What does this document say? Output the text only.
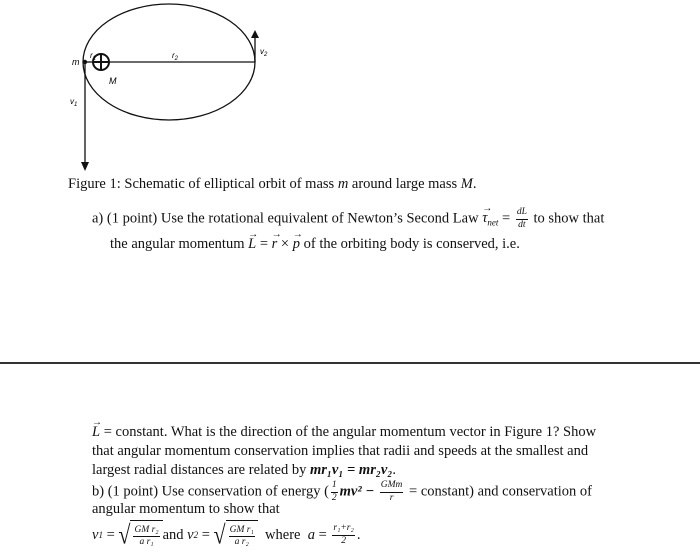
m
$r_1$	$r_2$
$v_2$
M
$v_1$
Figure 1: Schematic of elliptical orbit of mass m around large mass M.
a) (1 point) Use the rotational equivalent of Newton’s Second Law → $\tau_{net} = \frac{dL}{dt}$ to show that
the angular momentum → L = → r × → p of the orbiting body is conserved, i.e.
→ L = constant. What is the direction of the angular momentum vector in Figure 1? Show
that angular momentum conservation implies that radii and speeds at the smallest and
largest radial distances are related by mr₁v₁ = mr₂v₂.
b) (1 point) Use conservation of energy ( $\frac{1}{2} mv^2 - \frac{\text{GMm}}{r}$ = constant) and conservation of
angular momentum to show that
v 1 = √ $\frac{\text{GM r₂}}{\text{a r₁}}$ and
v 2 = √ $\frac{\text{GM r₁}}{\text{a r₂}}$ where
$a = \frac{\text{r₁+r₂}}{2}$ .
